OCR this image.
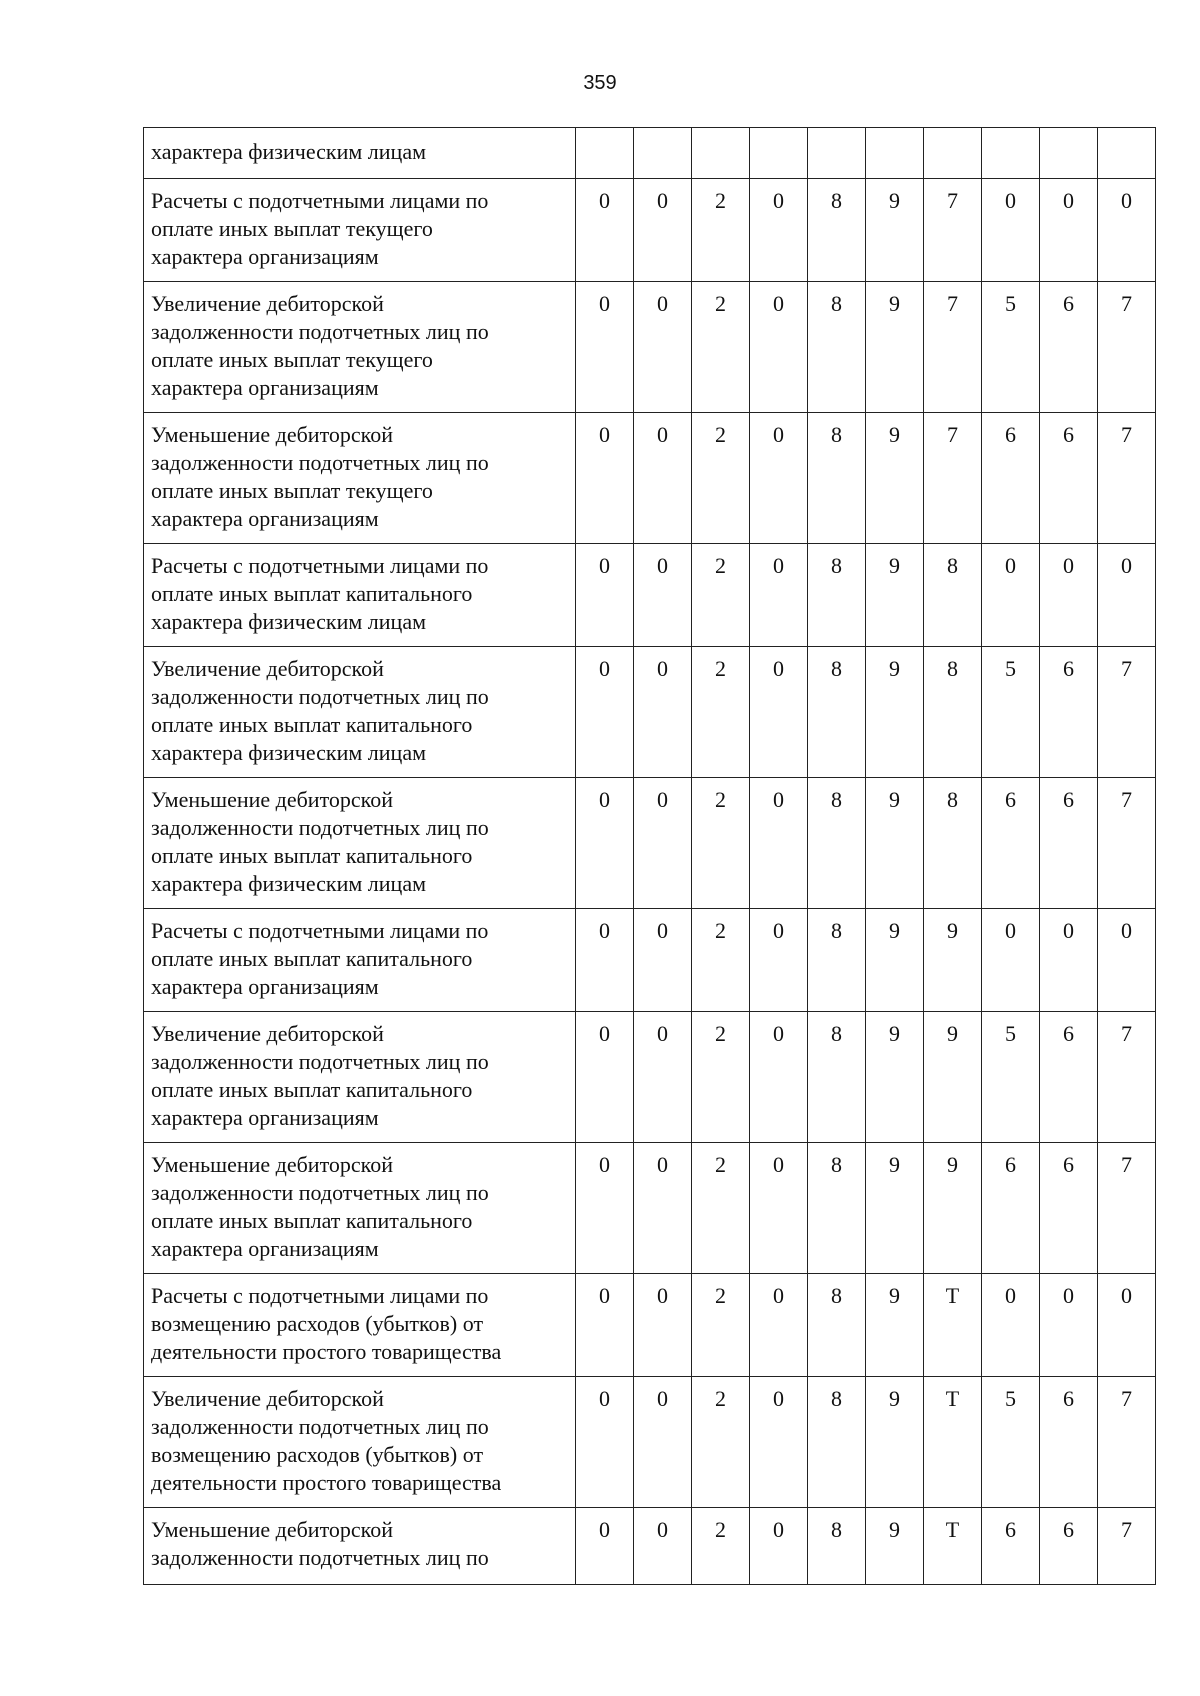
359
характера физическим лицам										
Расчеты с подотчетными лицами по
оплате иных выплат текущего
характера организациям	0	0	2	0	8	9	7	0	0	0
Увеличение дебиторской
задолженности подотчетных лиц по
оплате иных выплат текущего
характера организациям	0	0	2	0	8	9	7	5	6	7
Уменьшение дебиторской
задолженности подотчетных лиц по
оплате иных выплат текущего
характера организациям	0	0	2	0	8	9	7	6	6	7
Расчеты с подотчетными лицами по
оплате иных выплат капитального
характера физическим лицам	0	0	2	0	8	9	8	0	0	0
Увеличение дебиторской
задолженности подотчетных лиц по
оплате иных выплат капитального
характера физическим лицам	0	0	2	0	8	9	8	5	6	7
Уменьшение дебиторской
задолженности подотчетных лиц по
оплате иных выплат капитального
характера физическим лицам	0	0	2	0	8	9	8	6	6	7
Расчеты с подотчетными лицами по
оплате иных выплат капитального
характера организациям	0	0	2	0	8	9	9	0	0	0
Увеличение дебиторской
задолженности подотчетных лиц по
оплате иных выплат капитального
характера организациям	0	0	2	0	8	9	9	5	6	7
Уменьшение дебиторской
задолженности подотчетных лиц по
оплате иных выплат капитального
характера организациям	0	0	2	0	8	9	9	6	6	7
Расчеты с подотчетными лицами по
возмещению расходов (убытков) от
деятельности простого товарищества	0	0	2	0	8	9	Т	0	0	0
Увеличение дебиторской
задолженности подотчетных лиц по
возмещению расходов (убытков) от
деятельности простого товарищества	0	0	2	0	8	9	Т	5	6	7
Уменьшение дебиторской
задолженности подотчетных лиц по	0	0	2	0	8	9	Т	6	6	7
